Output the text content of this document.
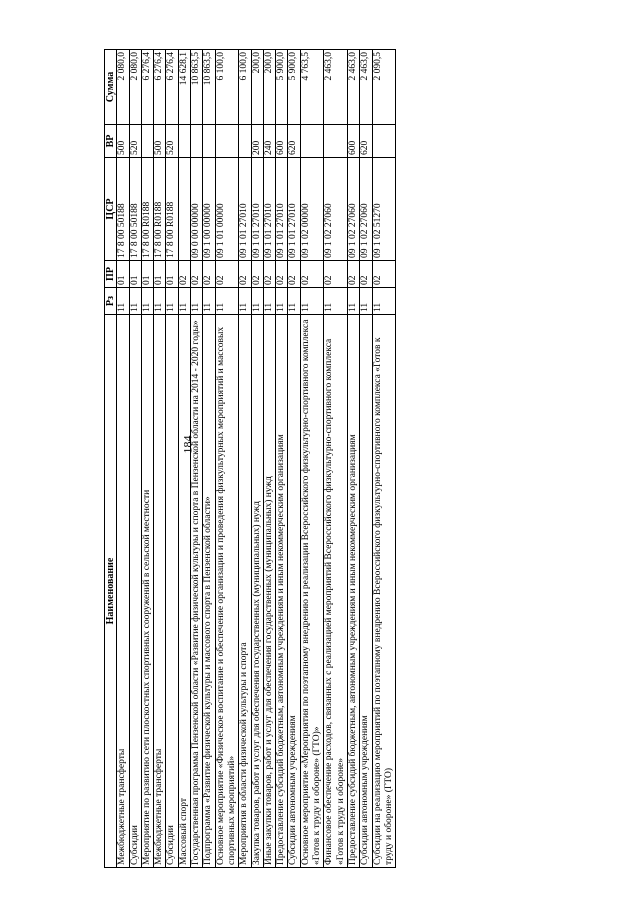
184
Наименование	Рз	ПР	ЦСР	ВР	Сумма
Межбюджетные трансферты	11	01	17 8 00 50188	500	2 080,0
Субсидии	11	01	17 8 00 50188	520	2 080,0
Мероприятие по развитию сети плоскостных спортивных сооружений в сельской местности	11	01	17 8 00 R0188		6 276,4
Межбюджетные трансферты	11	01	17 8 00 R0188	500	6 276,4
Субсидии	11	01	17 8 00 R0188	520	6 276,4
Массовый спорт	11	02			14 628,1
Государственная программа Пензенской области «Развитие физической культуры и спорта в Пензенской области на 2014 - 2020 годы»	11	02	09 0 00 00000		10 863,5
Подпрограмма «Развитие физической культуры и массового спорта в Пензенской области»	11	02	09 1 00 00000		10 863,5
Основное мероприятие «Физическое воспитание и обеспечение организации и проведения физкультурных мероприятий и массовых спортивных мероприятий»	11	02	09 1 01 00000		6 100,0
Мероприятия в области физической культуры и спорта	11	02	09 1 01 27010		6 100,0
Закупка товаров, работ и услуг для обеспечения государственных (муниципальных) нужд	11	02	09 1 01 27010	200	200,0
Иные закупки товаров, работ и услуг для обеспечения государственных (муниципальных) нужд	11	02	09 1 01 27010	240	200,0
Предоставление субсидий бюджетным, автономным учреждениям и иным некоммерческим организациям	11	02	09 1 01 27010	600	5 900,0
Субсидии автономным учреждениям	11	02	09 1 01 27010	620	5 900,0
Основное мероприятие «Мероприятия по поэтапному внедрению и реализации Всероссийского физкультурно-спортивного комплекса «Готов к труду и обороне» (ГТО)»	11	02	09 1 02 00000		4 763,5
Финансовое обеспечение расходов, связанных с реализацией мероприятий Всероссийского физкультурно-спортивного комплекса «Готов к труду и обороне»	11	02	09 1 02 27060		2 463,0
Предоставление субсидий бюджетным, автономным учреждениям и иным некоммерческим организациям	11	02	09 1 02 27060	600	2 463,0
Субсидии автономным учреждениям	11	02	09 1 02 27060	620	2 463,0
Субсидии на реализацию мероприятий по поэтапному внедрению Всероссийского физкультурно-спортивного комплекса «Готов к труду и обороне» (ГТО)	11	02	09 1 02 51270		2 090,5
